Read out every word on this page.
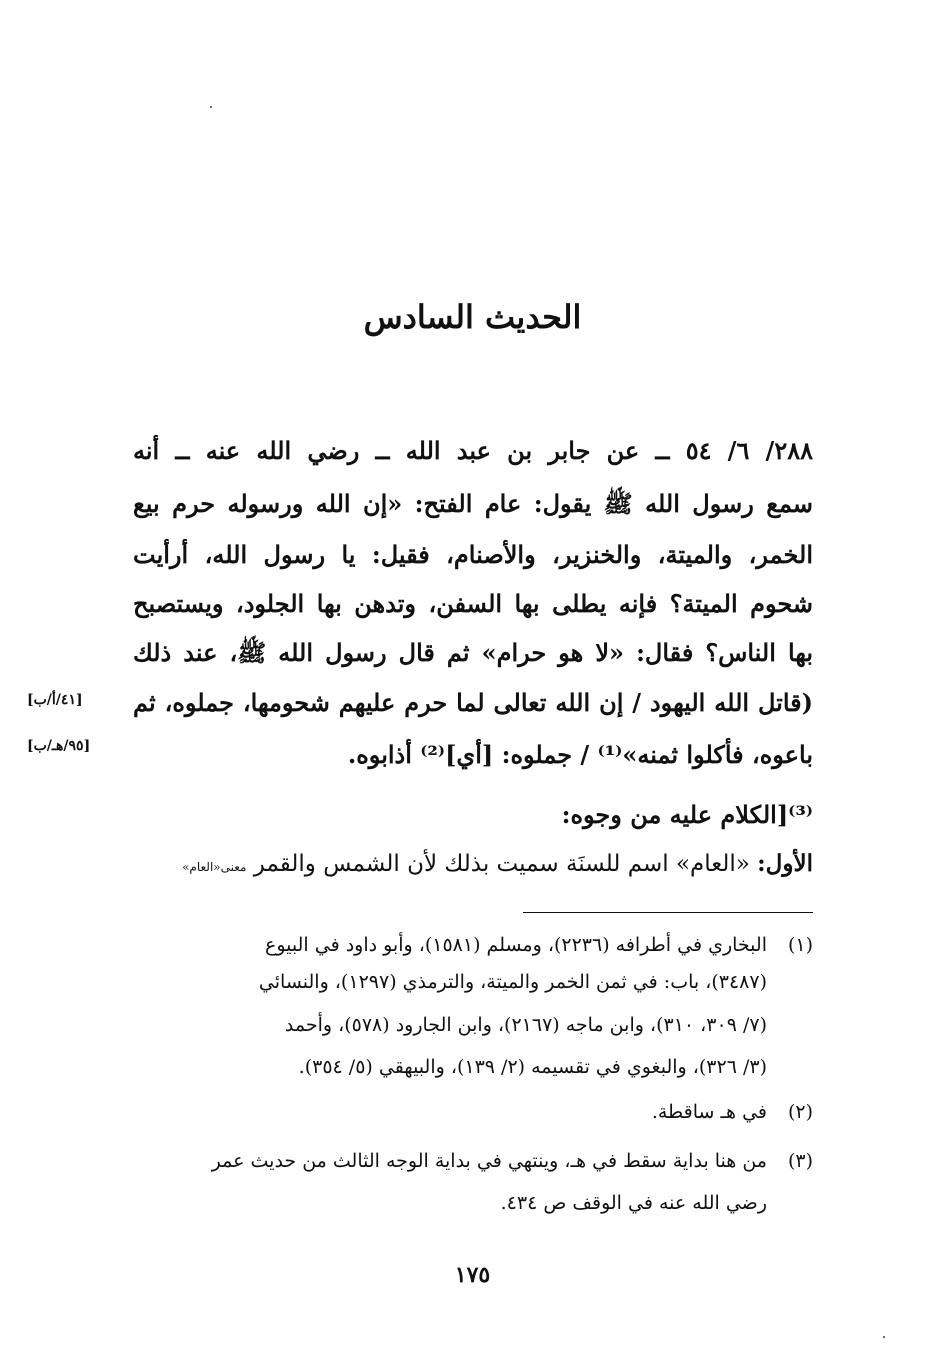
الحديث السادس
٢٨٨/ ٦/ ٥٤ ــ عن جابر بن عبد الله ــ رضي الله عنه ــ أنه
سمع رسول الله ﷺ يقول: عام الفتح: «إن الله ورسوله حرم بيع
الخمر، والميتة، والخنزير، والأصنام، فقيل: يا رسول الله، أرأيت
شحوم الميتة؟ فإنه يطلى بها السفن، وتدهن بها الجلود، ويستصبح
بها الناس؟ فقال: «لا هو حرام» ثم قال رسول الله ﷺ، عند ذلك
(قاتل الله اليهود / إن الله تعالى لما حرم عليهم شحومها، جملوه، ثم
باعوه، فأكلوا ثمنه»⁽¹⁾ / جملوه: [أي]⁽²⁾ أذابوه.
[٤١/أ/ب]
[٩٥/هـ/ب]
⁽³⁾[الكلام عليه من وجوه:
الأول: «العام» اسم للسنَة سميت بذلك لأن الشمس والقمر معنى«العام»
(١)البخاري في أطرافه (٢٢٣٦)، ومسلم (١٥٨١)، وأبو داود في البيوع
(٣٤٨٧)، باب: في ثمن الخمر والميتة، والترمذي (١٢٩٧)، والنسائي
(٧/ ٣٠٩، ٣١٠)، وابن ماجه (٢١٦٧)، وابن الجارود (٥٧٨)، وأحمد
(٣/ ٣٢٦)، والبغوي في تقسيمه (٢/ ١٣٩)، والبيهقي (٥/ ٣٥٤).
(٢)في هـ ساقطة.
(٣)من هنا بداية سقط في هـ، وينتهي في بداية الوجه الثالث من حديث عمر
رضي الله عنه في الوقف ص ٤٣٤.
١٧٥
